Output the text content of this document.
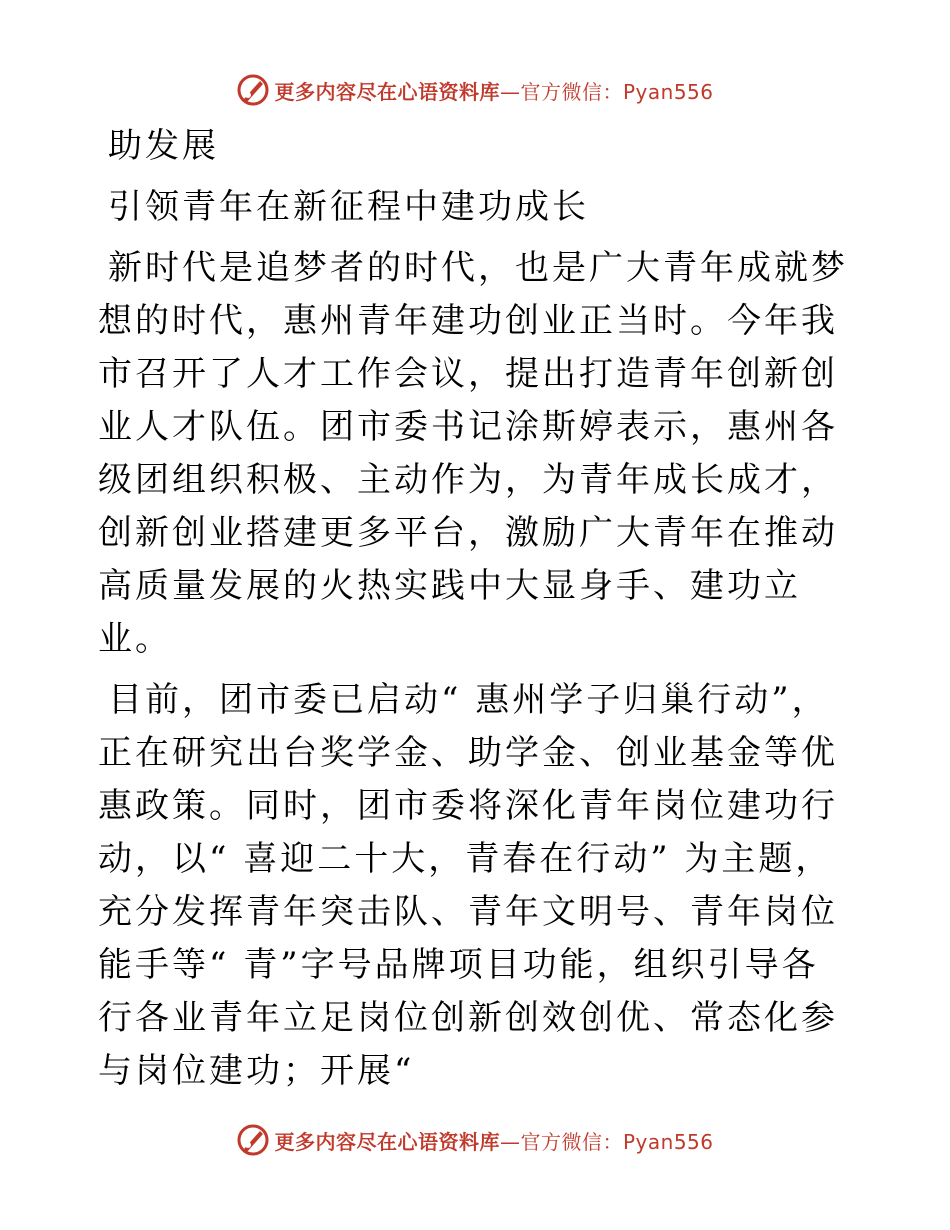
更多内容尽在心语资料库—官方微信：Pyan556

助发展

引领青年在新征程中建功成长

新时代是追梦者的时代，也是广大青年成就梦想的时代，惠州青年建功创业正当时。今年我市召开了人才工作会议，提出打造青年创新创业人才队伍。团市委书记涂斯婷表示，惠州各级团组织积极、主动作为，为青年成长成才，创新创业搭建更多平台，激励广大青年在推动高质量发展的火热实践中大显身手、建功立业。

目前，团市委已启动“ 惠州学子归巢行动”， 正在研究出台奖学金、助学金、创业基金等优惠政策。同时，团市委将深化青年岗位建功行动，以“ 喜迎二十大，青春在行动” 为主题，充分发挥青年突击队、青年文明号、青年岗位能手等“ 青”字号品牌项目功能，组织引导各行各业青年立足岗位创新创效创优、常态化参与岗位建功；开展“

更多内容尽在心语资料库—官方微信：Pyan556
